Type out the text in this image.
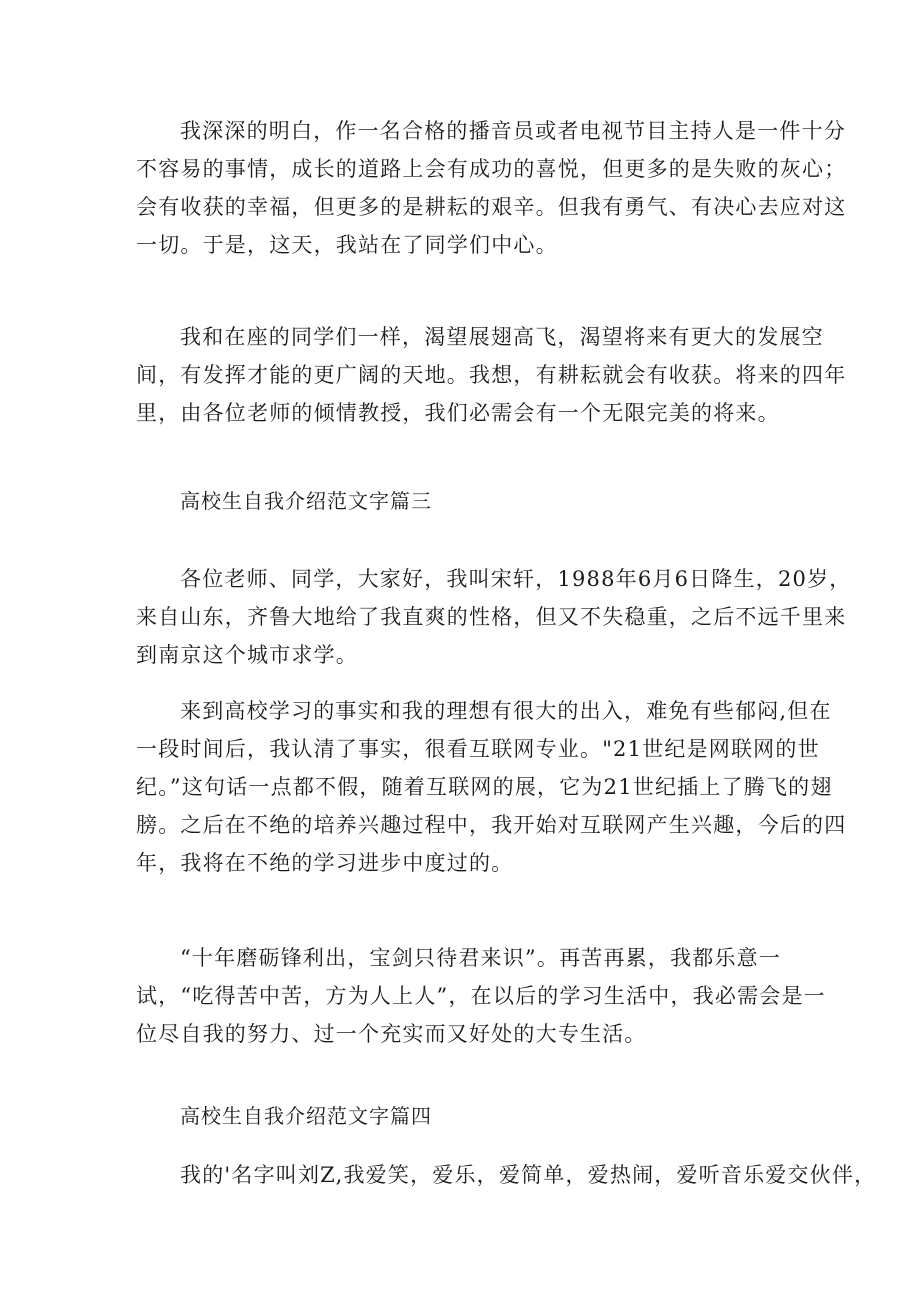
我深深的明白，作一名合格的播音员或者电视节目主持人是一件十分
不容易的事情，成长的道路上会有成功的喜悦，但更多的是失败的灰心；
会有收获的幸福，但更多的是耕耘的艰辛。但我有勇气、有决心去应对这
一切。于是，这天，我站在了同学们中心。

我和在座的同学们一样，渴望展翅高飞，渴望将来有更大的发展空
间，有发挥才能的更广阔的天地。我想，有耕耘就会有收获。将来的四年
里，由各位老师的倾情教授，我们必需会有一个无限完美的将来。

高校生自我介绍范文字篇三

各位老师、同学，大家好，我叫宋轩，1988年6月6日降生，20岁，
来自山东，齐鲁大地给了我直爽的性格，但又不失稳重，之后不远千里来
到南京这个城市求学。

来到高校学习的事实和我的理想有很大的出入，难免有些郁闷,但在
一段时间后，我认清了事实，很看互联网专业。"21世纪是网联网的世
纪。”这句话一点都不假，随着互联网的展，它为21世纪插上了腾飞的翅
膀。之后在不绝的培养兴趣过程中，我开始对互联网产生兴趣，今后的四
年，我将在不绝的学习进步中度过的。

“十年磨砺锋利出，宝剑只待君来识”。再苦再累，我都乐意一
试，“吃得苦中苦，方为人上人”，在以后的学习生活中，我必需会是一
位尽自我的努力、过一个充实而又好处的大专生活。

高校生自我介绍范文字篇四

我的'名字叫刘Z,我爱笑，爱乐，爱简单，爱热闹，爱听音乐爱交伙伴，
